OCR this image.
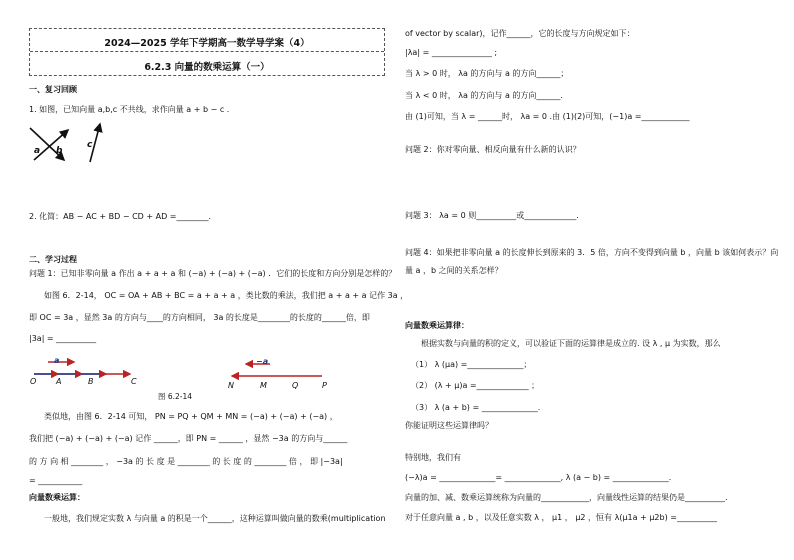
2024—2025 学年下学期高一数学导学案（4）
6.2.3 向量的数乘运算（一）
一、复习回顾
1. 如图，已知向量 a,b,c 不共线，求作向量 a + b − c .
a b
c
2. 化简：AB − AC + BD − CD + AD =________.
二、学习过程
问题 1：已知非零向量 a 作出 a + a + a 和 (−a) + (−a) + (−a) ．它们的长度和方向分别是怎样的？
如图 6．2-14， OC = OA + AB + BC = a + a + a ，类比数的乘法，我们把 a + a + a 记作 3a ，
即 OC = 3a ，显然 3a 的方向与____的方向相同， 3a 的长度是________的长度的______倍，即
|3a| = __________
a
O A	B	C
−a
N	M	Q	P
图 6.2-14
类似地，由图 6．2-14 可知， PN = PQ + QM + MN = (−a) + (−a) + (−a) ，
我们把 (−a) + (−a) + (−a) 记作 ______，即 PN = ______ ，显然 −3a 的方向与______
的 方 向 相 ________ ， −3a 的 长 度 是 ________ 的 长 度 的 ________ 倍 ， 即 |−3a|
= ___________
向量数乘运算：
一般地，我们规定实数 λ 与向量 a 的积是一个______，这种运算叫做向量的数乘(multiplication
of vector by scalar)，记作______，它的长度与方向规定如下：
|λa| = _______________ ;
当 λ > 0 时， λa 的方向与 a 的方向______；
当 λ < 0 时， λa 的方向与 a 的方向______.
由 (1)可知，当 λ = ______时， λa = 0 .由 (1)(2)可知，(−1)a =____________
问题 2：你对零向量、相反向量有什么新的认识？
问题 3： λa = 0 则__________或_____________.
问题 4：如果把非零向量 a 的长度伸长到原来的 3．5 倍，方向不变得到向量 b ，向量 b 该如何表示？向
量 a ，b 之间的关系怎样？
向量数乘运算律：
根据实数与向量的积的定义，可以验证下面的运算律是成立的. 设 λ , μ 为实数，那么
（1） λ (μa) =______________；
（2） (λ + μ)a =_____________ ；
（3） λ (a + b) = ______________.
你能证明这些运算律吗？
特别地，我们有
(−λ)a = ______________= ______________, λ (a − b) = ______________.
向量的加、减、数乘运算统称为向量的____________，向量线性运算的结果仍是__________.
对于任意向量 a , b ，以及任意实数 λ ， μ1 ， μ2 ，恒有 λ(μ1a + μ2b) =__________
